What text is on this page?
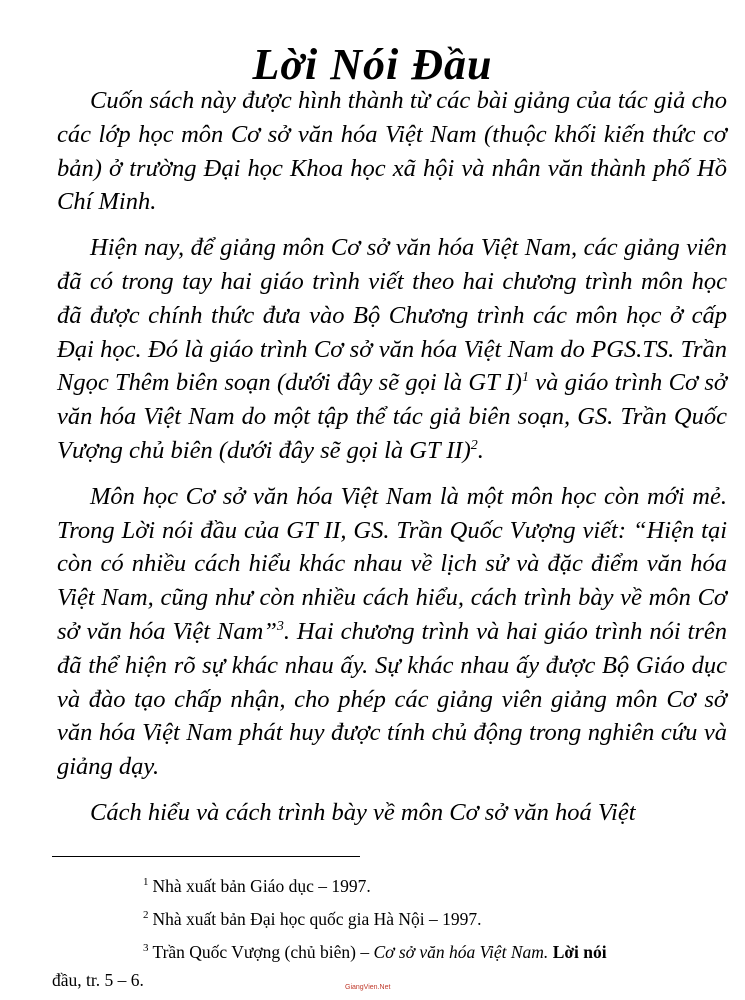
Lời Nói Đầu

Cuốn sách này được hình thành từ các bài giảng của tác giả cho các lớp học môn Cơ sở văn hóa Việt Nam (thuộc khối kiến thức cơ bản) ở trường Đại học Khoa học xã hội và nhân văn thành phố Hồ Chí Minh.

Hiện nay, để giảng môn Cơ sở văn hóa Việt Nam, các giảng viên đã có trong tay hai giáo trình viết theo hai chương trình môn học đã được chính thức đưa vào Bộ Chương trình các môn học ở cấp Đại học. Đó là giáo trình Cơ sở văn hóa Việt Nam do PGS.TS. Trần Ngọc Thêm biên soạn (dưới đây sẽ gọi là GT I)$^1$ và giáo trình Cơ sở văn hóa Việt Nam do một tập thể tác giả biên soạn, GS. Trần Quốc Vượng chủ biên (dưới đây sẽ gọi là GT II)$^2$.

Môn học Cơ sở văn hóa Việt Nam là một môn học còn mới mẻ. Trong Lời nói đầu của GT II, GS. Trần Quốc Vượng viết: “Hiện tại còn có nhiều cách hiểu khác nhau về lịch sử và đặc điểm văn hóa Việt Nam, cũng như còn nhiều cách hiểu, cách trình bày về môn Cơ sở văn hóa Việt Nam”$^3$. Hai chương trình và hai giáo trình nói trên đã thể hiện rõ sự khác nhau ấy. Sự khác nhau ấy được Bộ Giáo dục và đào tạo chấp nhận, cho phép các giảng viên giảng môn Cơ sở văn hóa Việt Nam phát huy được tính chủ động trong nghiên cứu và giảng dạy.

Cách hiểu và cách trình bày về môn Cơ sở văn hoá Việt

$^1$ Nhà xuất bản Giáo dục – 1997.

$^2$ Nhà xuất bản Đại học quốc gia Hà Nội – 1997.

$^3$ Trần Quốc Vượng (chủ biên) – Cơ sở văn hóa Việt Nam. Lời nói
đầu, tr. 5 – 6.	GiangVien.Net
